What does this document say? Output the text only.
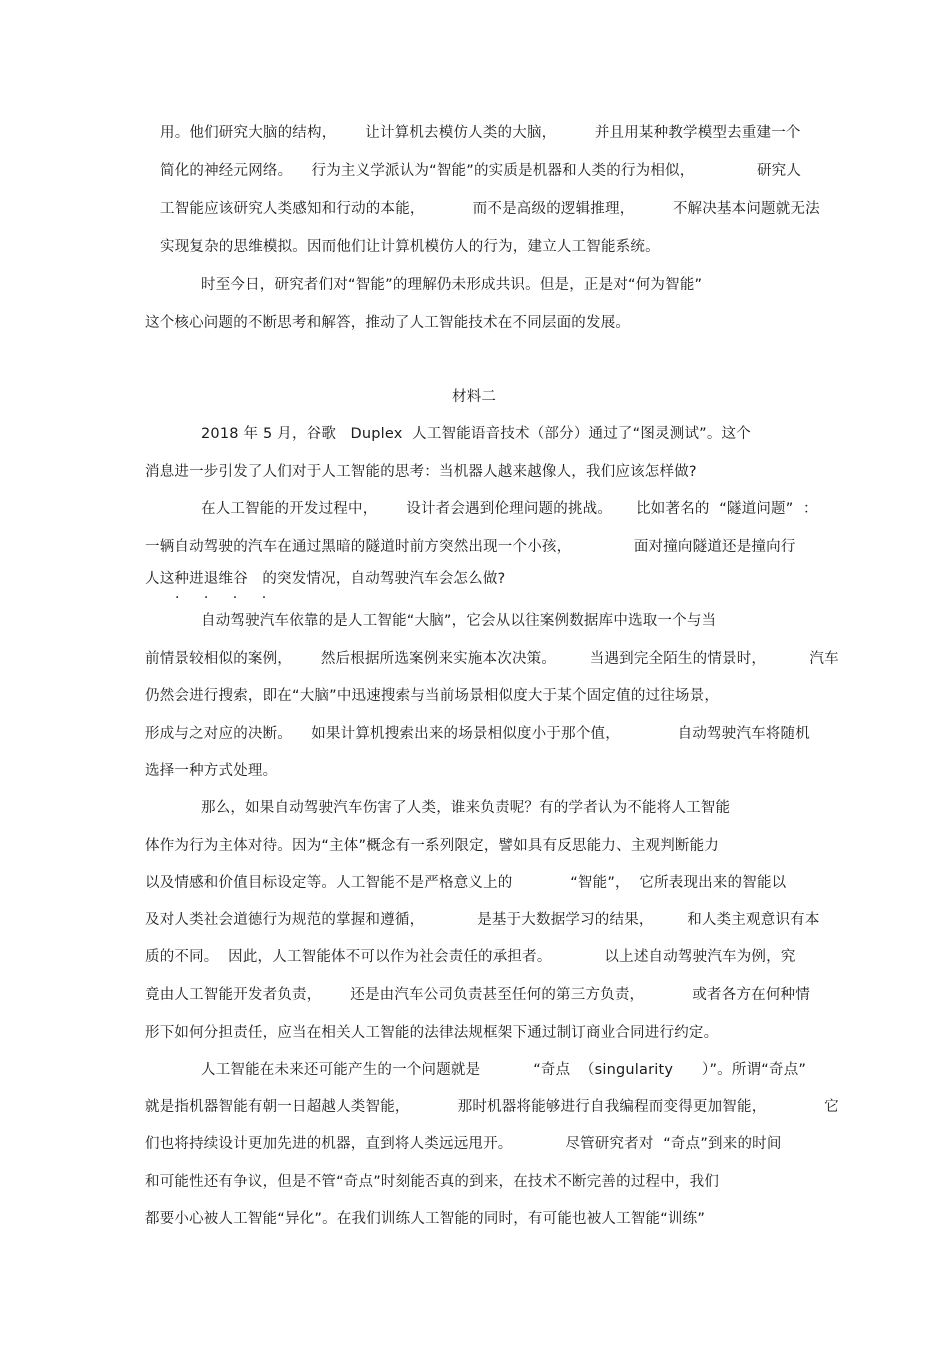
用。他们研究大脑的结构，      让计算机去模仿人类的大脑，        并且用某种教学模型去重建一个
简化的神经元网络。    行为主义学派认为“智能”的实质是机器和人类的行为相似，             研究人
工智能应该研究人类感知和行动的本能，          而不是高级的逻辑推理，        不解决基本问题就无法
实现复杂的思维模拟。因而他们让计算机模仿人的行为，建立人工智能系统。
时至今日，研究者们对“智能”的理解仍未形成共识。但是，正是对“何为智能”
这个核心问题的不断思考和解答，推动了人工智能技术在不同层面的发展。
材料二
2018 年 5 月，谷歌   Duplex  人工智能语音技术（部分）通过了“图灵测试”。这个
消息进一步引发了人们对于人工智能的思考：当机器人越来越像人，我们应该怎样做?
在人工智能的开发过程中，      设计者会遇到伦理问题的挑战。     比如著名的  “隧道问题”  ：
一辆自动驾驶的汽车在通过黑暗的隧道时前方突然出现一个小孩，             面对撞向隧道还是撞向行
人这种进退维谷   的突发情况，自动驾驶汽车会怎么做?
· · · ·
自动驾驶汽车依靠的是人工智能“大脑”，它会从以往案例数据库中选取一个与当
前情景较相似的案例，      然后根据所选案例来实施本次决策。       当遇到完全陌生的情景时，         汽车
仍然会进行搜索，即在“大脑”中迅速搜索与当前场景相似度大于某个固定值的过往场景，
形成与之对应的决断。    如果计算机搜索出来的场景相似度小于那个值，            自动驾驶汽车将随机
选择一种方式处理。
那么，如果自动驾驶汽车伤害了人类，谁来负责呢？有的学者认为不能将人工智能
体作为行为主体对待。因为“主体”概念有一系列限定，譬如具有反思能力、主观判断能力
以及情感和价值目标设定等。人工智能不是严格意义上的            “智能”，  它所表现出来的智能以
及对人类社会道德行为规范的掌握和遵循，           是基于大数据学习的结果，       和人类主观意识有本
质的不同。  因此，人工智能体不可以作为社会责任的承担者。           以上述自动驾驶汽车为例，究
竟由人工智能开发者负责，      还是由汽车公司负责甚至任何的第三方负责，          或者各方在何种情
形下如何分担责任，应当在相关人工智能的法律法规框架下通过制订商业合同进行约定。
人工智能在未来还可能产生的一个问题就是           “奇点  （singularity      ）”。所谓“奇点”
就是指机器智能有朝一日超越人类智能，          那时机器将能够进行自我编程而变得更加智能，            它
们也将持续设计更加先进的机器，直到将人类远远甩开。           尽管研究者对  “奇点”到来的时间
和可能性还有争议，但是不管“奇点”时刻能否真的到来，在技术不断完善的过程中，我们
都要小心被人工智能“异化”。在我们训练人工智能的同时，有可能也被人工智能“训练”
